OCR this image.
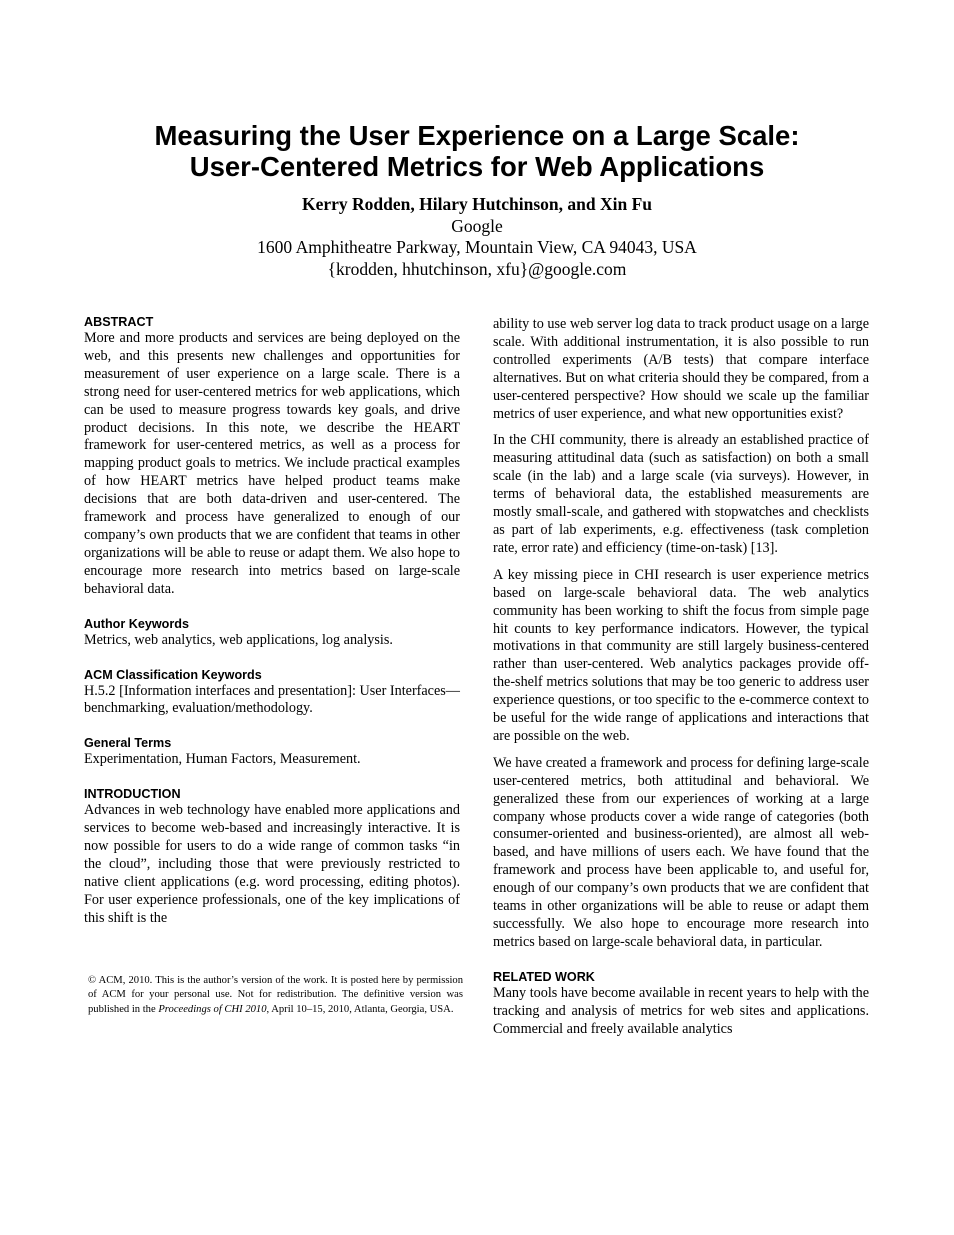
Measuring the User Experience on a Large Scale:
User-Centered Metrics for Web Applications
Kerry Rodden, Hilary Hutchinson, and Xin Fu
Google
1600 Amphitheatre Parkway, Mountain View, CA 94043, USA
{krodden, hhutchinson, xfu}@google.com
ABSTRACT

More and more products and services are being deployed on the web, and this presents new challenges and opportunities for measurement of user experience on a large scale. There is a strong need for user-centered metrics for web applications, which can be used to measure progress towards key goals, and drive product decisions. In this note, we describe the HEART framework for user-centered metrics, as well as a process for mapping product goals to metrics. We include practical examples of how HEART metrics have helped product teams make decisions that are both data-driven and user-centered. The framework and process have generalized to enough of our company’s own products that we are confident that teams in other organizations will be able to reuse or adapt them. We also hope to encourage more research into metrics based on large-scale behavioral data.

Author Keywords

Metrics, web analytics, web applications, log analysis.

ACM Classification Keywords

H.5.2 [Information interfaces and presentation]: User Interfaces—benchmarking, evaluation/methodology.

General Terms

Experimentation, Human Factors, Measurement.

INTRODUCTION

Advances in web technology have enabled more applications and services to become web-based and increasingly interactive. It is now possible for users to do a wide range of common tasks “in the cloud”, including those that were previously restricted to native client applications (e.g. word processing, editing photos). For user experience professionals, one of the key implications of this shift is the

© ACM, 2010. This is the author’s version of the work. It is posted here by permission of ACM for your personal use. Not for redistribution. The definitive version was published in the Proceedings of CHI 2010, April 10–15, 2010, Atlanta, Georgia, USA.

ability to use web server log data to track product usage on a large scale. With additional instrumentation, it is also possible to run controlled experiments (A/B tests) that compare interface alternatives. But on what criteria should they be compared, from a user-centered perspective? How should we scale up the familiar metrics of user experience, and what new opportunities exist?

In the CHI community, there is already an established practice of measuring attitudinal data (such as satisfaction) on both a small scale (in the lab) and a large scale (via surveys). However, in terms of behavioral data, the established measurements are mostly small-scale, and gathered with stopwatches and checklists as part of lab experiments, e.g. effectiveness (task completion rate, error rate) and efficiency (time-on-task) [13].

A key missing piece in CHI research is user experience metrics based on large-scale behavioral data. The web analytics community has been working to shift the focus from simple page hit counts to key performance indicators. However, the typical motivations in that community are still largely business-centered rather than user-centered. Web analytics packages provide off-the-shelf metrics solutions that may be too generic to address user experience questions, or too specific to the e-commerce context to be useful for the wide range of applications and interactions that are possible on the web.

We have created a framework and process for defining large-scale user-centered metrics, both attitudinal and behavioral. We generalized these from our experiences of working at a large company whose products cover a wide range of categories (both consumer-oriented and business-oriented), are almost all web-based, and have millions of users each. We have found that the framework and process have been applicable to, and useful for, enough of our company’s own products that we are confident that teams in other organizations will be able to reuse or adapt them successfully. We also hope to encourage more research into metrics based on large-scale behavioral data, in particular.

RELATED WORK

Many tools have become available in recent years to help with the tracking and analysis of metrics for web sites and applications. Commercial and freely available analytics
